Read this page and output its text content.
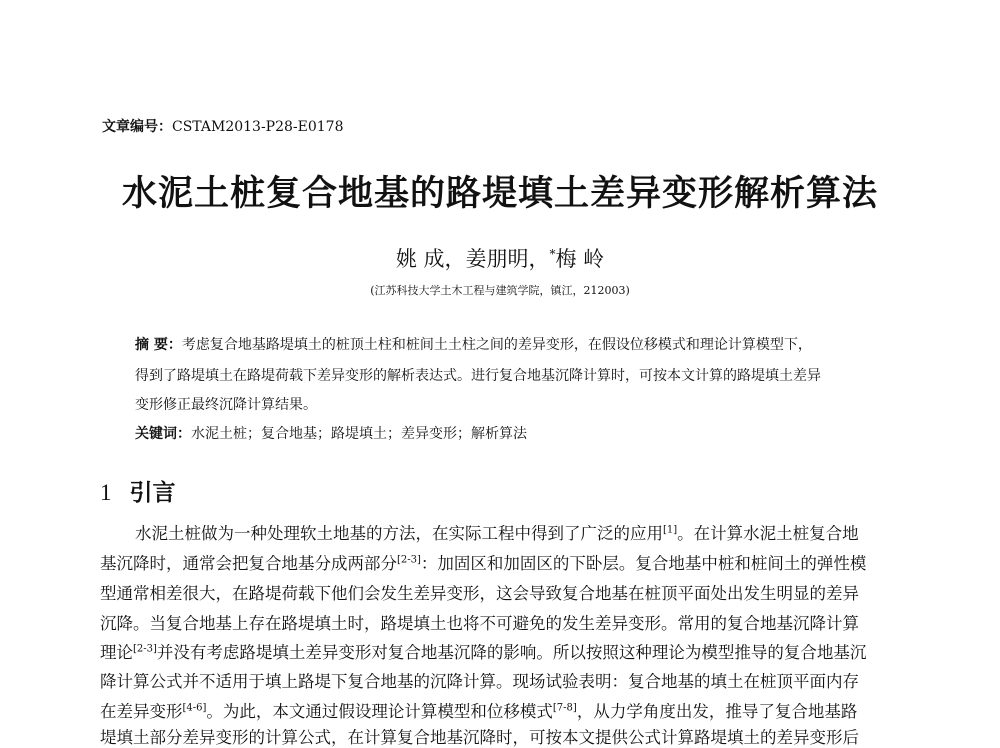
文章编号：CSTAM2013-P28-E0178
水泥土桩复合地基的路堤填土差异变形解析算法
姚 成，姜朋明，*梅 岭
(江苏科技大学土木工程与建筑学院，镇江，212003)
摘 要：考虑复合地基路堤填土的桩顶土柱和桩间土土柱之间的差异变形，在假设位移模式和理论计算模型下，
得到了路堤填土在路堤荷载下差异变形的解析表达式。进行复合地基沉降计算时，可按本文计算的路堤填土差异
变形修正最终沉降计算结果。
关键词：水泥土桩；复合地基；路堤填土；差异变形；解析算法
1 引言
水泥土桩做为一种处理软土地基的方法，在实际工程中得到了广泛的应用[1]。在计算水泥土桩复合地
基沉降时，通常会把复合地基分成两部分[2-3]：加固区和加固区的下卧层。复合地基中桩和桩间土的弹性模
型通常相差很大，在路堤荷载下他们会发生差异变形，这会导致复合地基在桩顶平面处出发生明显的差异
沉降。当复合地基上存在路堤填土时，路堤填土也将不可避免的发生差异变形。常用的复合地基沉降计算
理论[2-3]并没有考虑路堤填土差异变形对复合地基沉降的影响。所以按照这种理论为模型推导的复合地基沉
降计算公式并不适用于填上路堤下复合地基的沉降计算。现场试验表明：复合地基的填土在桩顶平面内存
在差异变形[4-6]。为此，本文通过假设理论计算模型和位移模式[7-8]，从力学角度出发，推导了复合地基路
堤填土部分差异变形的计算公式，在计算复合地基沉降时，可按本文提供公式计算路堤填土的差异变形后
